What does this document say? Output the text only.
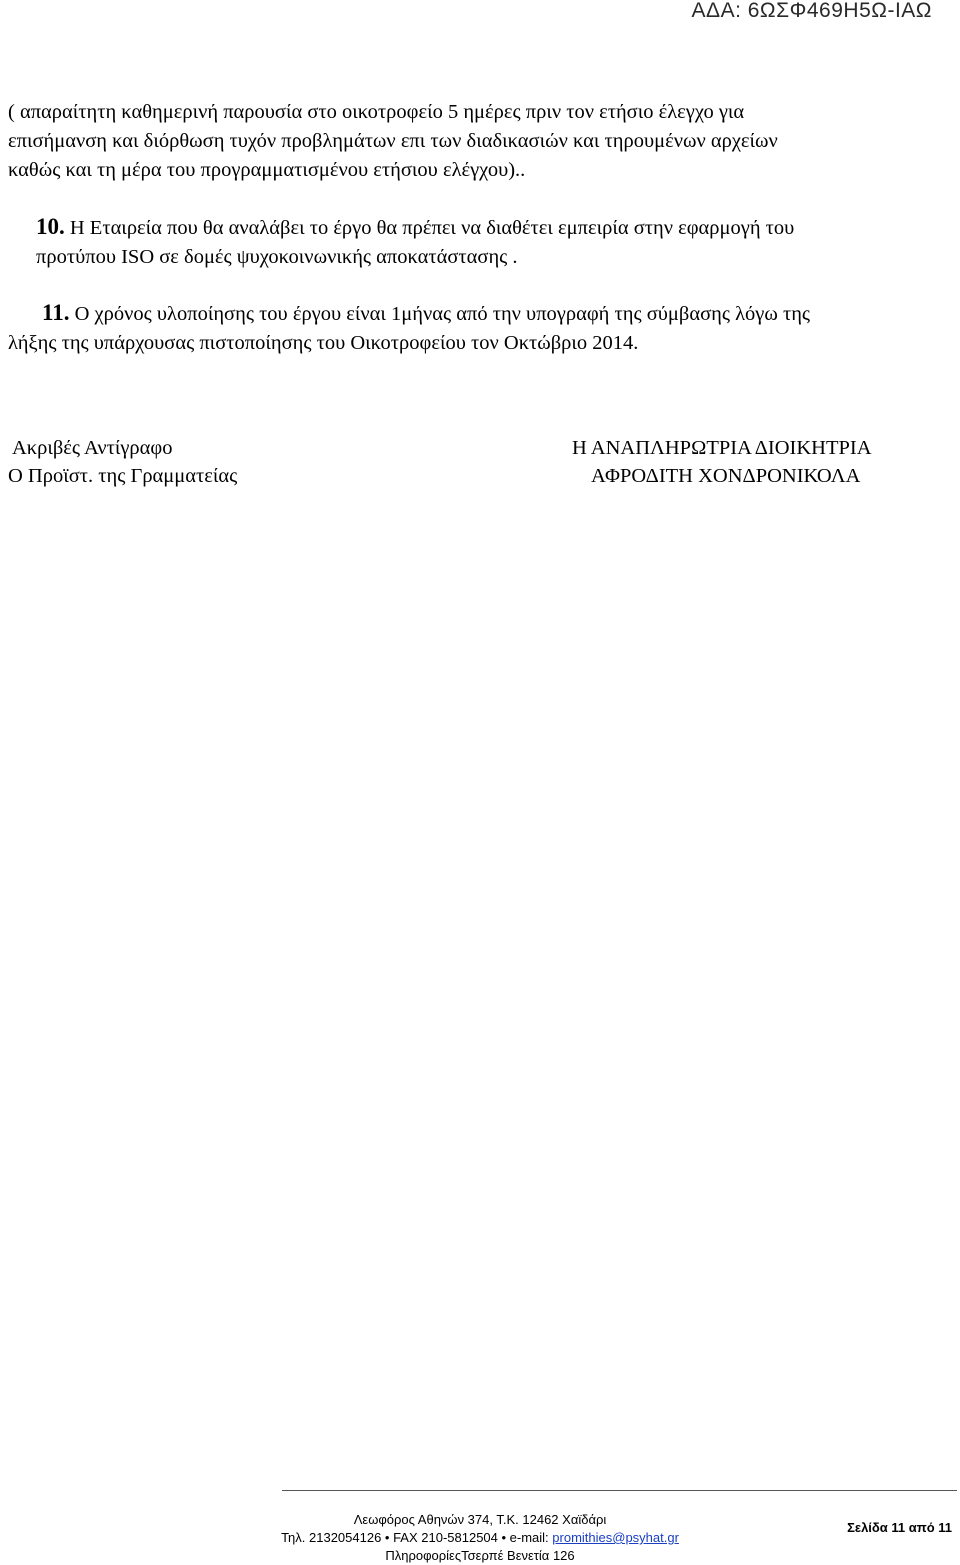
ΑΔΑ: 6ΩΣΦ469Η5Ω-ΙΑΩ
( απαραίτητη καθημερινή παρουσία στο οικοτροφείο 5 ημέρες πριν τον ετήσιο έλεγχο για
επισήμανση και διόρθωση τυχόν προβλημάτων επι των διαδικασιών και τηρουμένων αρχείων
καθώς και τη μέρα του προγραμματισμένου ετήσιου ελέγχου)..
10. Η Εταιρεία που θα αναλάβει το έργο θα πρέπει να διαθέτει εμπειρία στην εφαρμογή του
προτύπου ISO σε δομές ψυχοκοινωνικής αποκατάστασης .
11. Ο χρόνος υλοποίησης του έργου είναι 1μήνας από την υπογραφή της σύμβασης λόγω της
λήξης της υπάρχουσας πιστοποίησης του Οικοτροφείου τον Οκτώβριο 2014.
Ακριβές Αντίγραφο
Ο Προϊστ. της Γραμματείας
Η ΑΝΑΠΛΗΡΩΤΡΙΑ ΔΙΟΙΚΗΤΡΙΑ
ΑΦΡΟΔΙΤΗ ΧΟΝΔΡΟΝΙΚΟΛΑ
Σελίδα 11 από 11
Λεωφόρος Αθηνών 374, Τ.Κ. 12462 Χαϊδάρι
Τηλ. 2132054126 • FAX 210-5812504 • e-mail: promithies@psyhat.gr
ΠληροφορίεςΤσερπέ Βενετία 126
